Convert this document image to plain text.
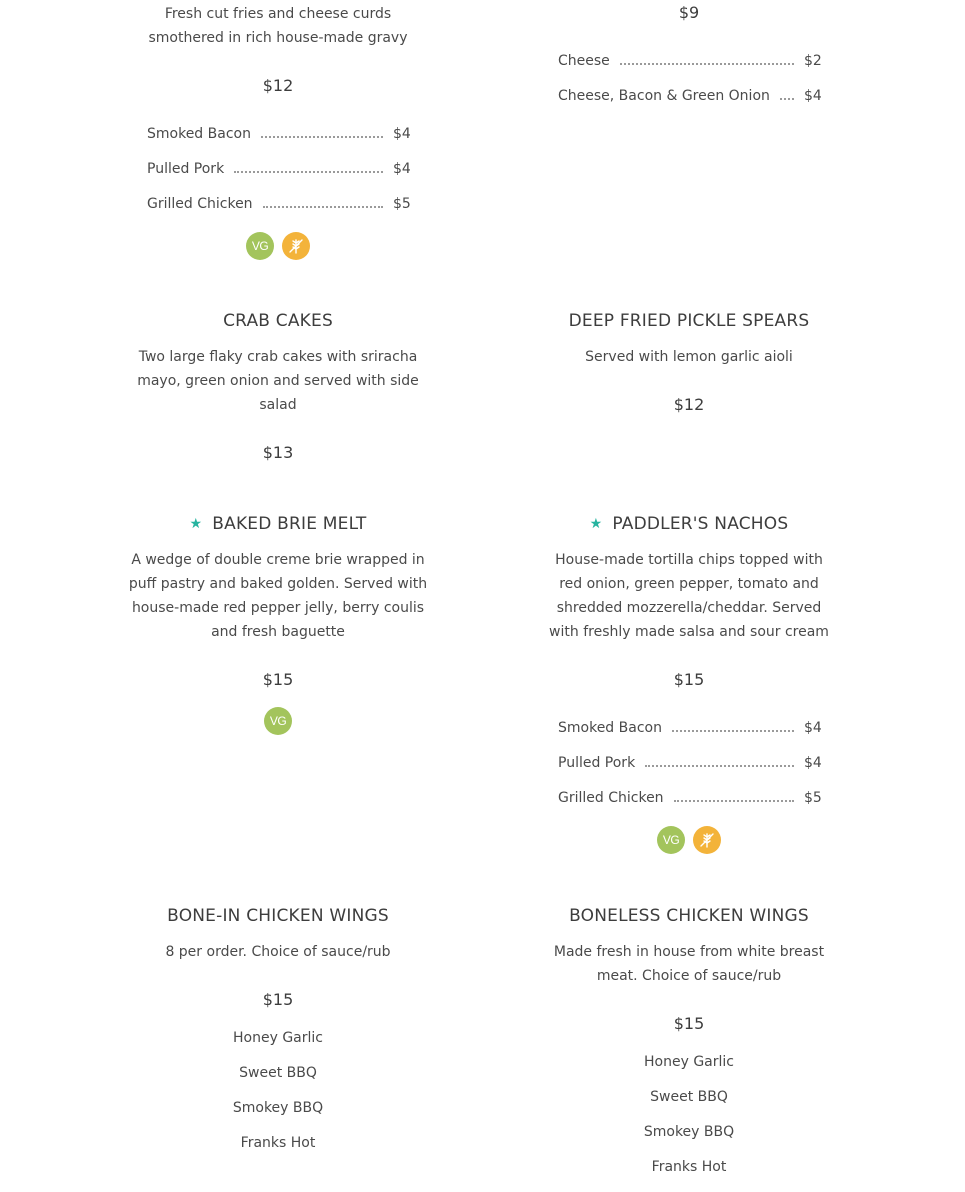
Fresh cut fries and cheese curds smothered in rich house-made gravy
$12
Smoked Bacon	$4
Pulled Pork	$4
Grilled Chicken	$5
VG
$9
Cheese	$2
Cheese, Bacon & Green Onion $4
CRAB CAKES
Two large flaky crab cakes with sriracha mayo, green onion and served with side salad
$13
DEEP FRIED PICKLE SPEARS
Served with lemon garlic aioli
$12
★ BAKED BRIE MELT
A wedge of double creme brie wrapped in puff pastry and baked golden. Served with house-made red pepper jelly, berry coulis and fresh baguette
$15
VG
★ PADDLER'S NACHOS
House-made tortilla chips topped with red onion, green pepper, tomato and shredded mozzerella/cheddar. Served with freshly made salsa and sour cream
$15
Smoked Bacon	$4
Pulled Pork	$4
Grilled Chicken	$5
VG
BONE-IN CHICKEN WINGS
8 per order. Choice of sauce/rub
$15
Honey Garlic
Sweet BBQ
Smokey BBQ
Franks Hot
BONELESS CHICKEN WINGS
Made fresh in house from white breast meat. Choice of sauce/rub
$15
Honey Garlic
Sweet BBQ
Smokey BBQ
Franks Hot
